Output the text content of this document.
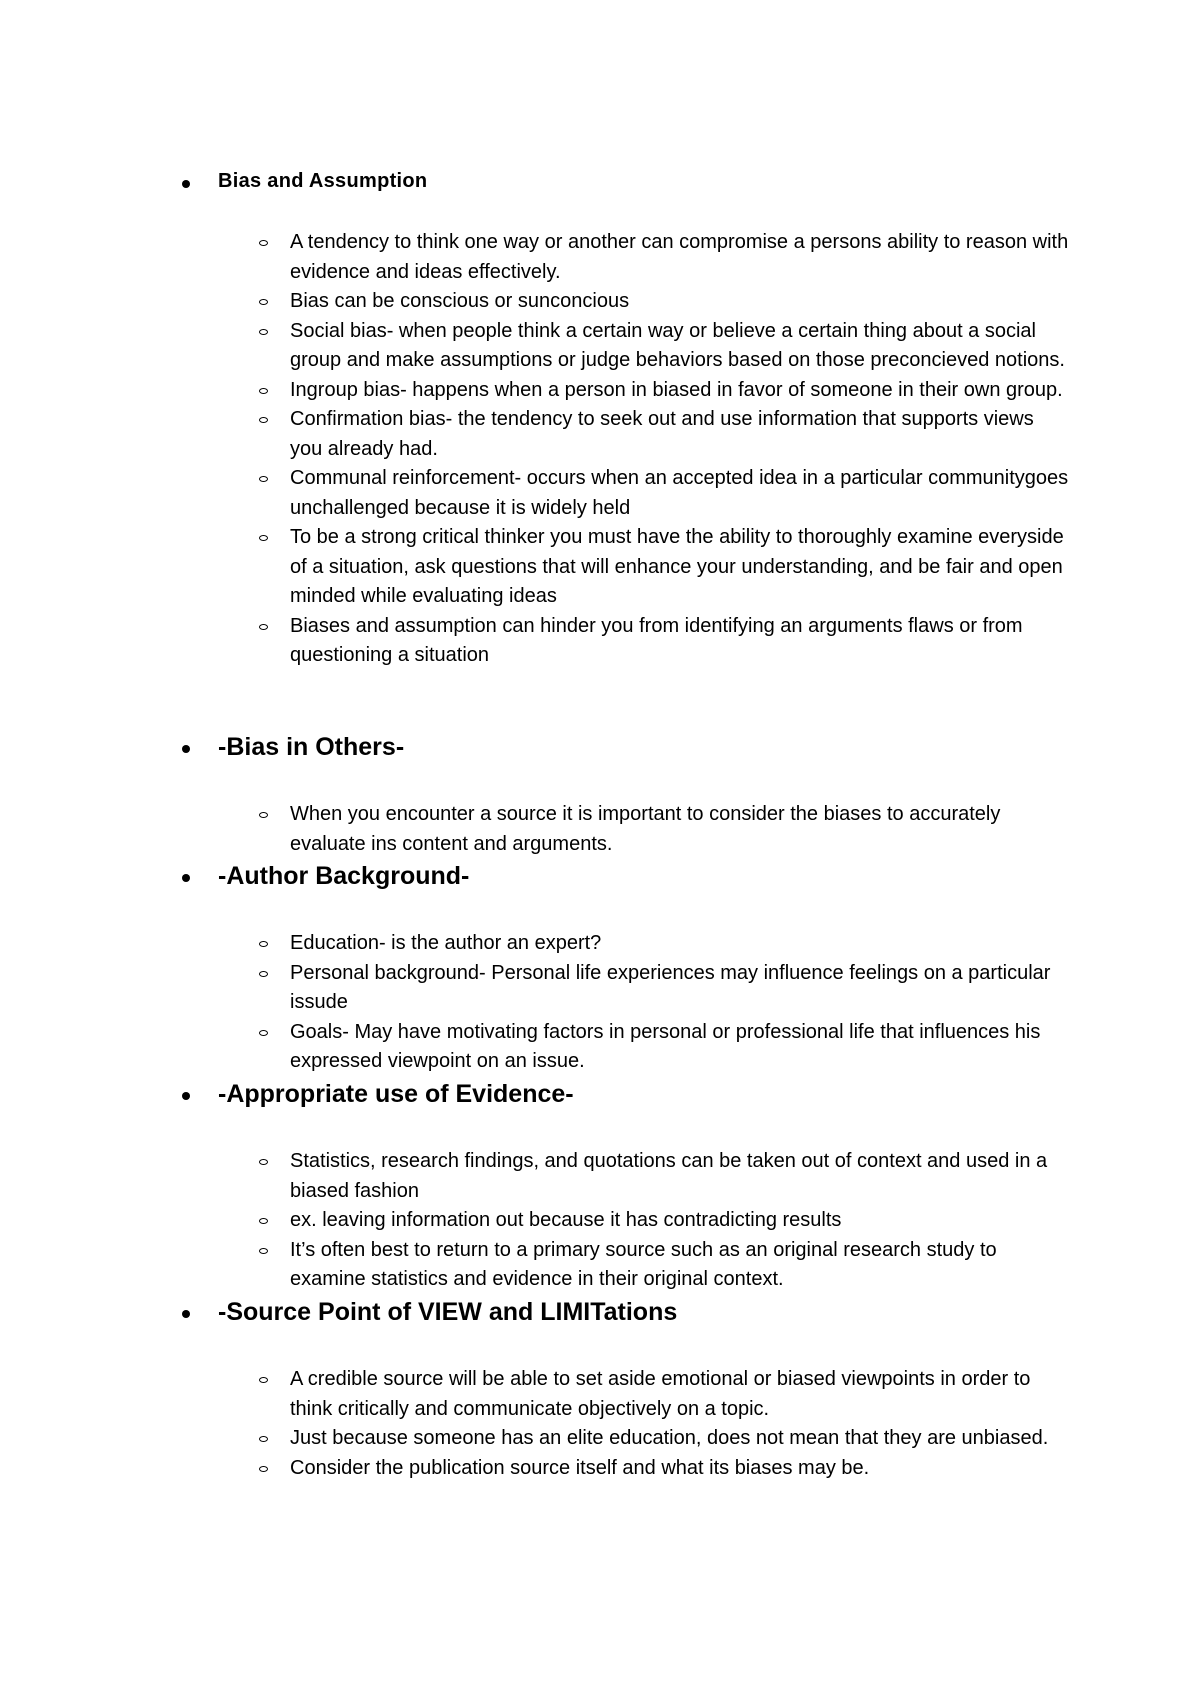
Bias and Assumption
A tendency to think one way or another can compromise a persons ability to reason with evidence and ideas effectively.
Bias can be conscious or sunconcious
Social bias- when people think a certain way or believe a certain thing about a social group and make assumptions or judge behaviors based on those preconcieved notions.
Ingroup bias- happens when a person in biased in favor of someone in their own group.
Confirmation bias- the tendency to seek out and use information that supports views you already had.
Communal reinforcement- occurs when an accepted idea in a particular communitygoes unchallenged because it is widely held
To be a strong critical thinker you must have the ability to thoroughly examine everyside of a situation, ask questions that will enhance your understanding, and be fair and open minded while evaluating ideas
Biases and assumption can hinder you from identifying an arguments flaws or from questioning a situation
-Bias in Others-
When you encounter a source it is important to consider the biases to accurately evaluate ins content and arguments.
-Author Background-
Education- is the author an expert?
Personal background- Personal life experiences may influence feelings on a particular issude
Goals- May have motivating factors in personal or professional life that influences his expressed viewpoint on an issue.
-Appropriate use of Evidence-
Statistics, research findings, and quotations can be taken out of context and used in a biased fashion
ex. leaving information out because it has contradicting results
It’s often best to return to a primary source such as an original research study to examine statistics and evidence in their original context.
-Source Point of VIEW and LIMITations
A credible source will be able to set aside emotional or biased viewpoints in order to think critically and communicate objectively on a topic.
Just because someone has an elite education, does not mean that they are unbiased.
Consider the publication source itself and what its biases may be.
